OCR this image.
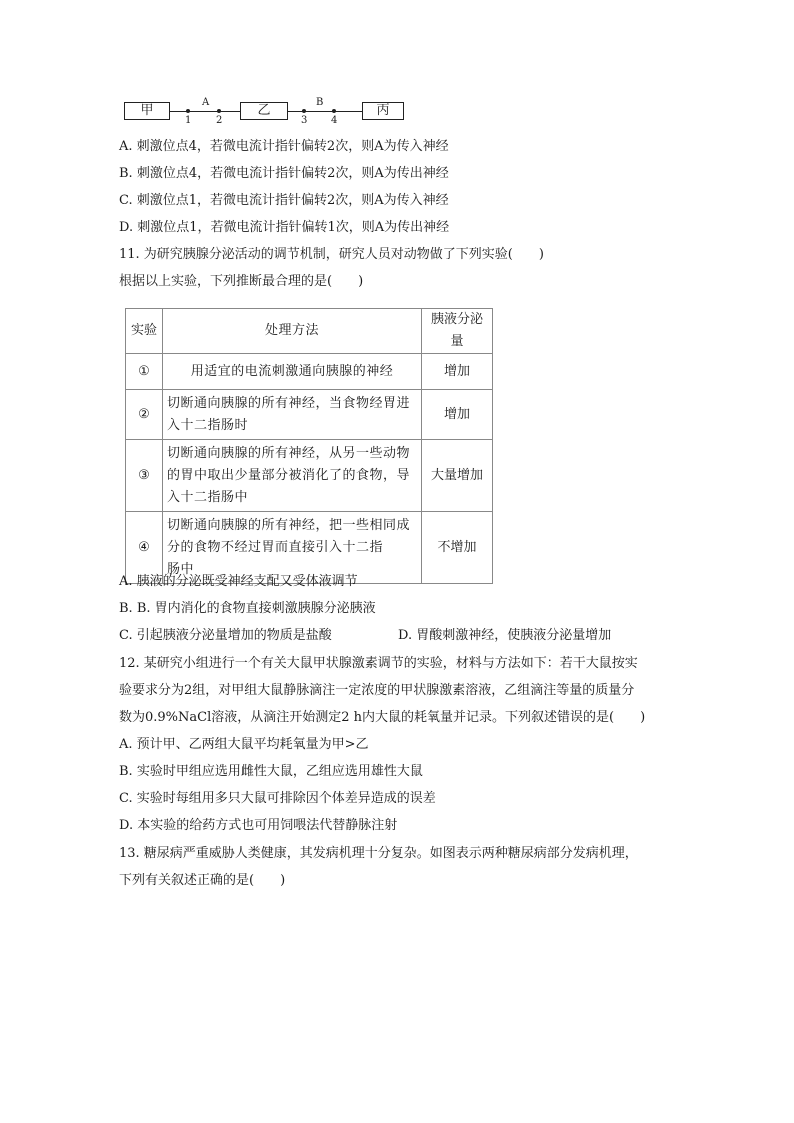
甲	乙	丙
A	B
1 2	3 4
A. 刺激位点4，若微电流计指针偏转2次，则A为传入神经
B. 刺激位点4，若微电流计指针偏转2次，则A为传出神经
C. 刺激位点1，若微电流计指针偏转2次，则A为传入神经
D. 刺激位点1，若微电流计指针偏转1次，则A为传出神经
11. 为研究胰腺分泌活动的调节机制，研究人员对动物做了下列实验(　　)
根据以上实验，下列推断最合理的是(　　)
实验	处理方法	胰液分泌量
①	用适宜的电流刺激通向胰腺的神经	增加
②	切断通向胰腺的所有神经，当食物经胃进
入十二指肠时	增加
③	切断通向胰腺的所有神经，从另一些动物
的胃中取出少量部分被消化了的食物，导
入十二指肠中	大量增加
④	切断通向胰腺的所有神经，把一些相同成
分的食物不经过胃而直接引入十二指
肠中	不增加
A. 胰液的分泌既受神经支配又受体液调节
B. B. 胃内消化的食物直接刺激胰腺分泌胰液
C. 引起胰液分泌量增加的物质是盐酸	D. 胃酸刺激神经，使胰液分泌量增加
12. 某研究小组进行一个有关大鼠甲状腺激素调节的实验，材料与方法如下：若干大鼠按实
验要求分为2组，对甲组大鼠静脉滴注一定浓度的甲状腺激素溶液，乙组滴注等量的质量分
数为0.9%NaCl溶液，从滴注开始测定2 h内大鼠的耗氧量并记录。下列叙述错误的是(　　)
A. 预计甲、乙两组大鼠平均耗氧量为甲>乙
B. 实验时甲组应选用雌性大鼠，乙组应选用雄性大鼠
C. 实验时每组用多只大鼠可排除因个体差异造成的误差
D. 本实验的给药方式也可用饲喂法代替静脉注射
13. 糖尿病严重威胁人类健康，其发病机理十分复杂。如图表示两种糖尿病部分发病机理，
下列有关叙述正确的是(　　)
